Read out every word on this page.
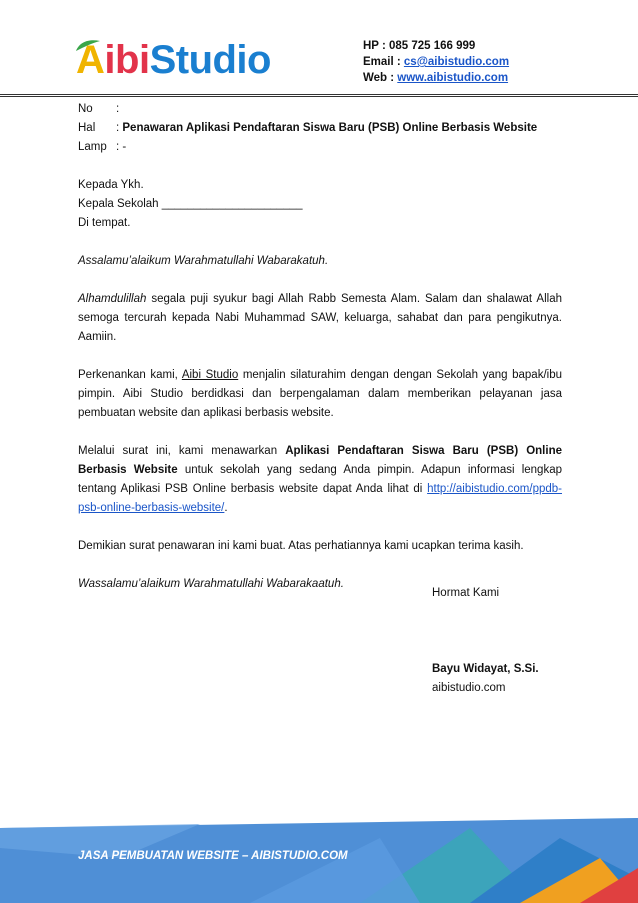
AibiStudio	HP : 085 725 166 999
Email : cs@aibistudio.com
Web : www.aibistudio.com
No	:
Hal	: Penawaran Aplikasi Pendaftaran Siswa Baru (PSB) Online Berbasis Website
Lamp : -
Kepada Ykh.
Kepala Sekolah ______________________
Di tempat.
Assalamu’alaikum Warahmatullahi Wabarakatuh.
Alhamdulillah segala puji syukur bagi Allah Rabb Semesta Alam. Salam dan shalawat Allah semoga tercurah kepada Nabi Muhammad SAW, keluarga, sahabat dan para pengikutnya. Aamiin.
Perkenankan kami, Aibi Studio menjalin silaturahim dengan dengan Sekolah yang bapak/ibu pimpin. Aibi Studio berdidkasi dan berpengalaman dalam memberikan pelayanan jasa pembuatan website dan aplikasi berbasis website.
Melalui surat ini, kami menawarkan Aplikasi Pendaftaran Siswa Baru (PSB) Online Berbasis Website untuk sekolah yang sedang Anda pimpin. Adapun informasi lengkap tentang Aplikasi PSB Online berbasis website dapat Anda lihat di http://aibistudio.com/ppdb-psb-online-berbasis-website/.
Demikian surat penawaran ini kami buat. Atas perhatiannya kami ucapkan terima kasih.
Wassalamu’alaikum Warahmatullahi Wabarakaatuh.
Hormat Kami
Bayu Widayat, S.Si.
aibistudio.com
JASA PEMBUATAN WEBSITE – AIBISTUDIO.COM
